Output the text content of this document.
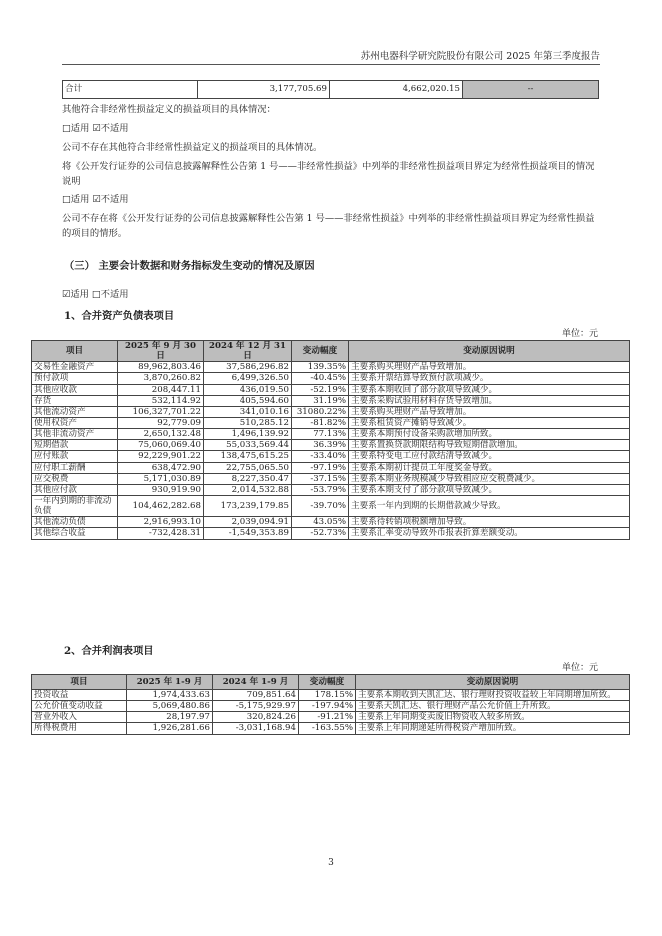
苏州电器科学研究院股份有限公司 2025 年第三季度报告
合计	3,177,705.69	4,662,020.15	--
其他符合非经常性损益定义的损益项目的具体情况：
□适用 ☑不适用
公司不存在其他符合非经常性损益定义的损益项目的具体情况。
将《公开发行证券的公司信息披露解释性公告第 1 号——非经常性损益》中列举的非经常性损益项目界定为经常性损益项目的情况说明
□适用 ☑不适用
公司不存在将《公开发行证券的公司信息披露解释性公告第 1 号——非经常性损益》中列举的非经常性损益项目界定为经常性损益的项目的情形。
（三） 主要会计数据和财务指标发生变动的情况及原因
☑适用 □不适用
1、合并资产负债表项目
单位：元
项目	2025 年 9 月 30 日	2024 年 12 月 31 日	变动幅度	变动原因说明
交易性金融资产	89,962,803.46	37,586,296.82	139.35%	主要系购买理财产品导致增加。
预付款项	3,870,260.82	6,499,326.50	-40.45%	主要系开票结算导致预付款项减少。
其他应收款	208,447.11	436,019.50	-52.19%	主要系本期收回了部分款项导致减少。
存货	532,114.92	405,594.60	31.19%	主要系采购试验用材料存货导致增加。
其他流动资产	106,327,701.22	341,010.16	31080.22%	主要系购买理财产品导致增加。
使用权资产	92,779.09	510,285.12	-81.82%	主要系租赁资产摊销导致减少。
其他非流动资产	2,650,132.48	1,496,139.92	77.13%	主要系本期预付设备采购款增加所致。
短期借款	75,060,069.40	55,033,569.44	36.39%	主要系置换贷款期限结构导致短期借款增加。
应付账款	92,229,901.22	138,475,615.25	-33.40%	主要系特变电工应付款结清导致减少。
应付职工薪酬	638,472.90	22,755,065.50	-97.19%	主要系本期初计提员工年度奖金导致。
应交税费	5,171,030.89	8,227,350.47	-37.15%	主要系本期业务规模减少导致相应应交税费减少。
其他应付款	930,919.90	2,014,532.88	-53.79%	主要系本期支付了部分款项导致减少。
一年内到期的非流动负债	104,462,282.68	173,239,179.85	-39.70%	主要系一年内到期的长期借款减少导致。
其他流动负债	2,916,993.10	2,039,094.91	43.05%	主要系待转销项税额增加导致。
其他综合收益	-732,428.31	-1,549,353.89	-52.73%	主要系汇率变动导致外币报表折算差额变动。
2、合并利润表项目
单位：元
项目	2025 年 1-9 月	2024 年 1-9 月	变动幅度	变动原因说明
投资收益	1,974,433.63	709,851.64	178.15%	主要系本期收到天凯汇达、银行理财投资收益较上年同期增加所致。
公允价值变动收益	5,069,480.86	-5,175,929.97	-197.94%	主要系天凯汇达、银行理财产品公允价值上升所致。
营业外收入	28,197.97	320,824.26	-91.21%	主要系上年同期变卖废旧物资收入较多所致。
所得税费用	1,926,281.66	-3,031,168.94	-163.55%	主要系上年同期递延所得税资产增加所致。
3
